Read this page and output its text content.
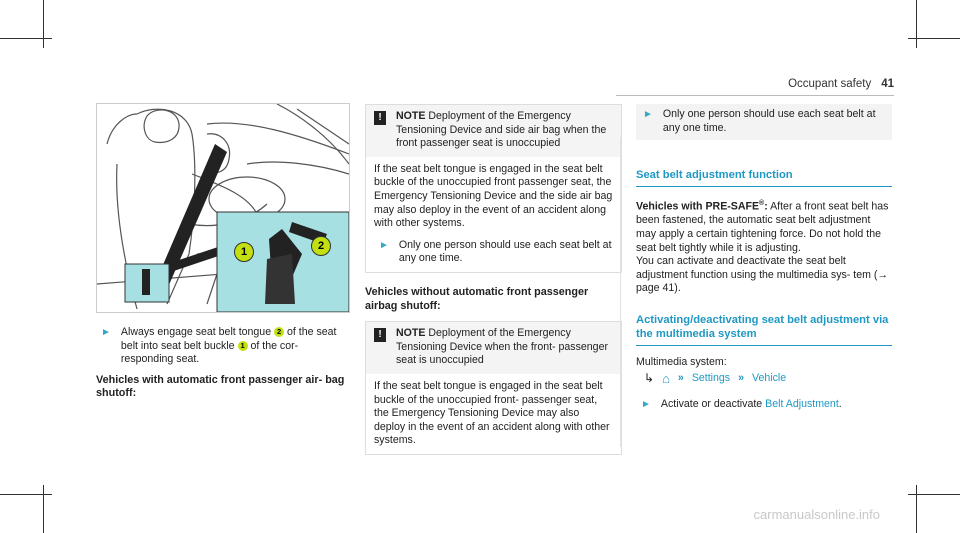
Occupant safety 41
1	2
► Always engage seat belt tongue 2 of the seat belt into seat belt buckle 1 of the cor- responding seat.
Vehicles with automatic front passenger air- bag shutoff:
!	NOTE Deployment of the Emergency Tensioning Device and side air bag when the front passenger seat is unoccupied
If the seat belt tongue is engaged in the seat belt buckle of the unoccupied front passenger seat, the Emergency Tensioning Device and the side air bag may also deploy in the event of an accident along with other systems.
► Only one person should use each seat belt at any one time.
Vehicles without automatic front passenger airbag shutoff:
!	NOTE Deployment of the Emergency Tensioning Device when the front- passenger seat is unoccupied
If the seat belt tongue is engaged in the seat belt buckle of the unoccupied front- passenger seat, the Emergency Tensioning Device may also deploy in the event of an accident along with other systems.
► Only one person should use each seat belt at any one time.
Seat belt adjustment function
Vehicles with PRE-SAFE®: After a front seat belt has been fastened, the automatic seat belt adjustment may apply a certain tightening force. Do not hold the seat belt tightly while it is adjusting.
You can activate and deactivate the seat belt adjustment function using the multimedia sys- tem (→ page 41).
Activating/deactivating seat belt adjustment via the multimedia system
Multimedia system:
↳ ⌂ » Settings » Vehicle
► Activate or deactivate Belt Adjustment.
carmanualsonline.info
